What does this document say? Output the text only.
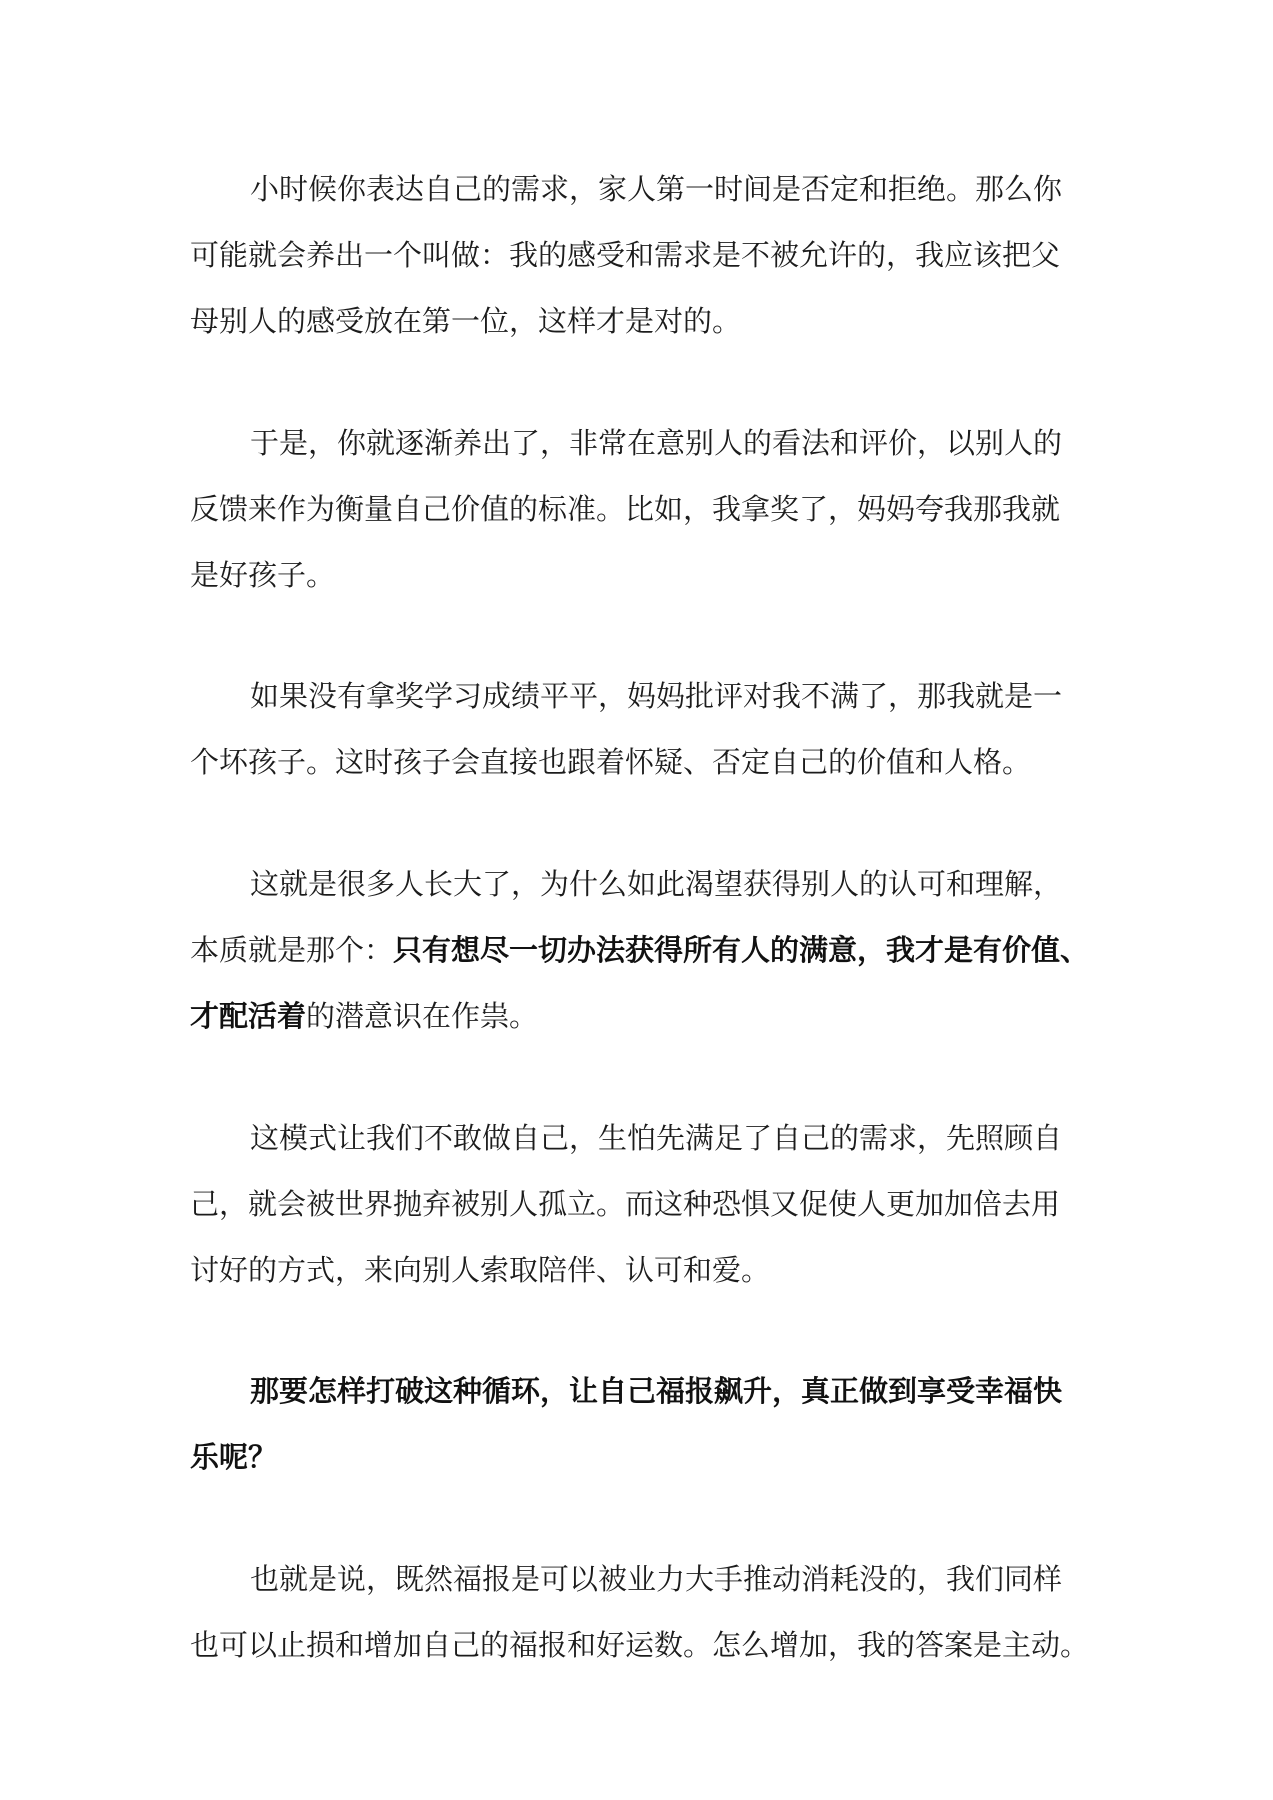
小时候你表达自己的需求，家人第一时间是否定和拒绝。那么你
可能就会养出一个叫做：我的感受和需求是不被允许的，我应该把父
母别人的感受放在第一位，这样才是对的。

于是，你就逐渐养出了，非常在意别人的看法和评价，以别人的
反馈来作为衡量自己价值的标准。比如，我拿奖了，妈妈夸我那我就
是好孩子。

如果没有拿奖学习成绩平平，妈妈批评对我不满了，那我就是一
个坏孩子。这时孩子会直接也跟着怀疑、否定自己的价值和人格。

这就是很多人长大了，为什么如此渴望获得别人的认可和理解，
本质就是那个：只有想尽一切办法获得所有人的满意，我才是有价值、
才配活着的潜意识在作祟。

这模式让我们不敢做自己，生怕先满足了自己的需求，先照顾自
己，就会被世界抛弃被别人孤立。而这种恐惧又促使人更加加倍去用
讨好的方式，来向别人索取陪伴、认可和爱。

那要怎样打破这种循环，让自己福报飙升，真正做到享受幸福快
乐呢？

也就是说，既然福报是可以被业力大手推动消耗没的，我们同样
也可以止损和增加自己的福报和好运数。怎么增加，我的答案是主动。
